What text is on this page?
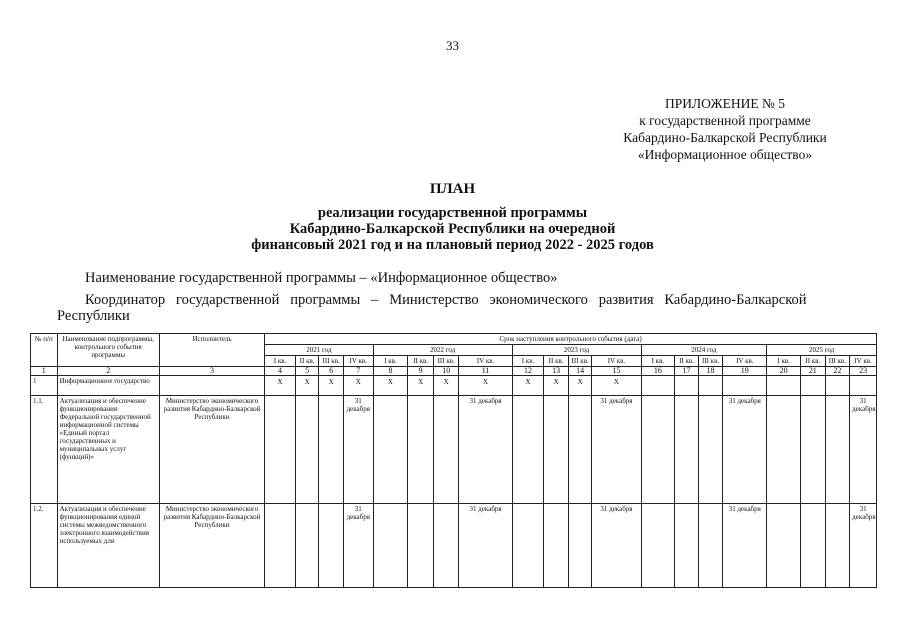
33
ПРИЛОЖЕНИЕ № 5
к государственной программе
Кабардино-Балкарской Республики
«Информационное общество»
ПЛАН
реализации государственной программы
Кабардино-Балкарской Республики на очередной
финансовый 2021 год и на плановый период 2022 - 2025 годов
Наименование государственной программы – «Информационное общество»
Координатор   государственной   программы   –   Министерство   экономического   развития   Кабардино-Балкарской
Республики
№ п/п	Наименование подпрограммы, контрольного события программы	Исполнитель	Срок наступления контрольного события (дата)																			
			2021 год				2022 год				2023 год				2024 год				2025 год			
			I кв.	II кв.	III кв.	IV кв.	I кв.	II кв.	III кв.	IV кв.	I кв.	II кв.	III кв.	IV кв.	I кв.	II кв.	III кв.	IV кв.	I кв.	II кв.	III кв.	IV кв.
1	2	3	4	5	6	7	8	9	10	11	12	13	14	15	16	17	18	19	20	21	22	23
1	Информационное государство		X	X	X	X	X	X	X	X	X	X	X	X								
1.1.	Актуализация и обеспечение функционирования Федеральной государственной информационной системы «Единый портал государственных и муниципальных услуг (функций)»	Министерство экономического развития Кабардино-Балкарской Республики				31 декабря				31 декабря				31 декабря				31 декабря				31 декабря
1.2.	Актуализация и обеспечение функционирования единой системы межведомственного электронного взаимодействия используемых для	Министерство экономического развития Кабардино-Балкарской Республики				31 декабря				31 декабря				31 декабря				31 декабря				31 декабря
